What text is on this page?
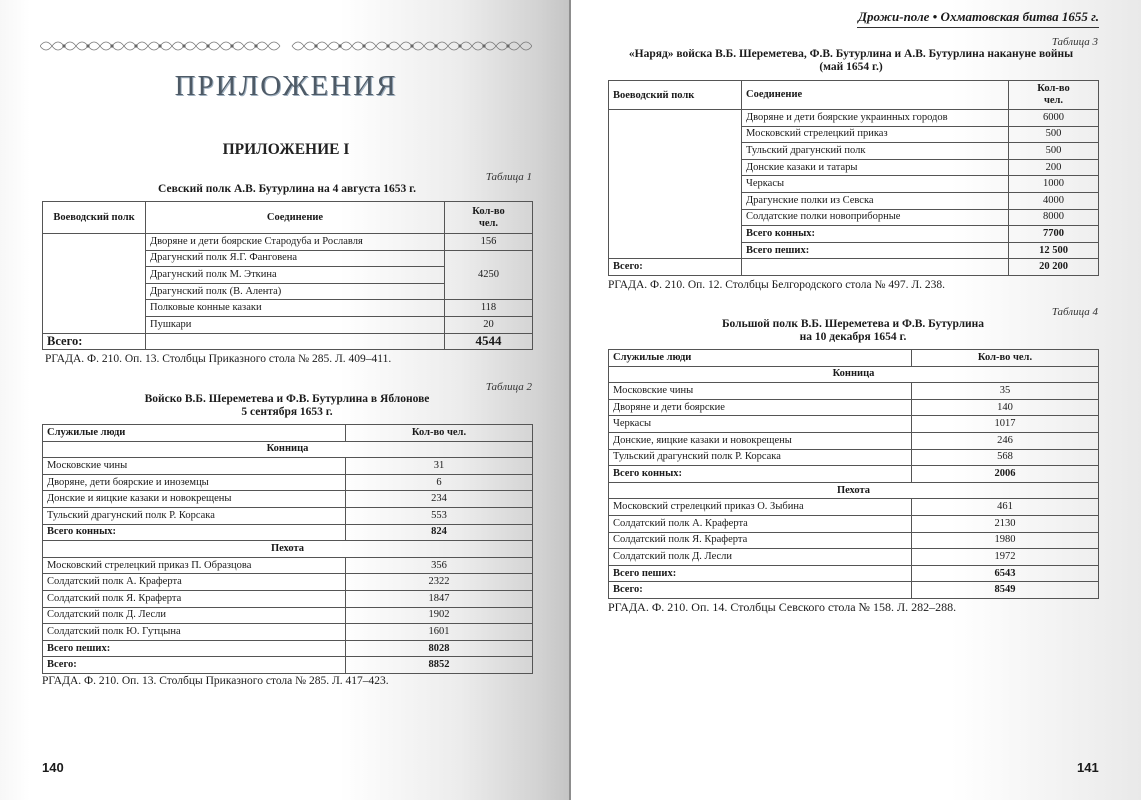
ПРИЛОЖЕНИЯ
ПРИЛОЖЕНИЕ I
Таблица 1
Севский полк А.В. Бутурлина на 4 августа 1653 г.
Воеводский полк	Соединение	Кол-во чел.
	Дворяне и дети боярские Стародуба и Рославля	156
	Драгунский полк Я.Г. Фанговена	4250
	Драгунский полк М. Эткина	
	Драгунский полк (В. Алента)	
	Полковые конные казаки	118
	Пушкари	20
Всего:		4544
РГАДА. Ф. 210. Оп. 13. Столбцы Приказного стола № 285. Л. 409–411.
Таблица 2
Войско В.Б. Шереметева и Ф.В. Бутурлина в Яблонове
5 сентября 1653 г.
Служилые люди	Кол-во чел.
Конница	
Московские чины	31
Дворяне, дети боярские и иноземцы	6
Донские и яицкие казаки и новокрещены	234
Тульский драгунский полк Р. Корсака	553
Всего конных:	824
Пехота	
Московский стрелецкий приказ П. Образцова	356
Солдатский полк А. Краферта	2322
Солдатский полк Я. Краферта	1847
Солдатский полк Д. Лесли	1902
Солдатский полк Ю. Гутцына	1601
Всего пеших:	8028
Всего:	8852
РГАДА. Ф. 210. Оп. 13. Столбцы Приказного стола № 285. Л. 417–423.
140
Дрожи-поле • Охматовская битва 1655 г.
Таблица 3
«Наряд» войска В.Б. Шереметева, Ф.В. Бутурлина и А.В. Бутурлина накануне войны
(май 1654 г.)
Воеводский полк	Соединение	Кол-во чел.
	Дворяне и дети боярские украинных городов	6000
	Московский стрелецкий приказ	500
	Тульский драгунский полк	500
	Донские казаки и татары	200
	Черкасы	1000
	Драгунские полки из Севска	4000
	Солдатские полки новоприборные	8000
	Всего конных:	7700
	Всего пеших:	12 500
Всего:		20 200
РГАДА. Ф. 210. Оп. 12. Столбцы Белгородского стола № 497. Л. 238.
Таблица 4
Большой полк В.Б. Шереметева и Ф.В. Бутурлина
на 10 декабря 1654 г.
Служилые люди	Кол-во чел.
Конница	
Московские чины	35
Дворяне и дети боярские	140
Черкасы	1017
Донские, яицкие казаки и новокрещены	246
Тульский драгунский полк Р. Корсака	568
Всего конных:	2006
Пехота	
Московский стрелецкий приказ О. Зыбина	461
Солдатский полк А. Краферта	2130
Солдатский полк Я. Краферта	1980
Солдатский полк Д. Лесли	1972
Всего пеших:	6543
Всего:	8549
РГАДА. Ф. 210. Оп. 14. Столбцы Севского стола № 158. Л. 282–288.
141
